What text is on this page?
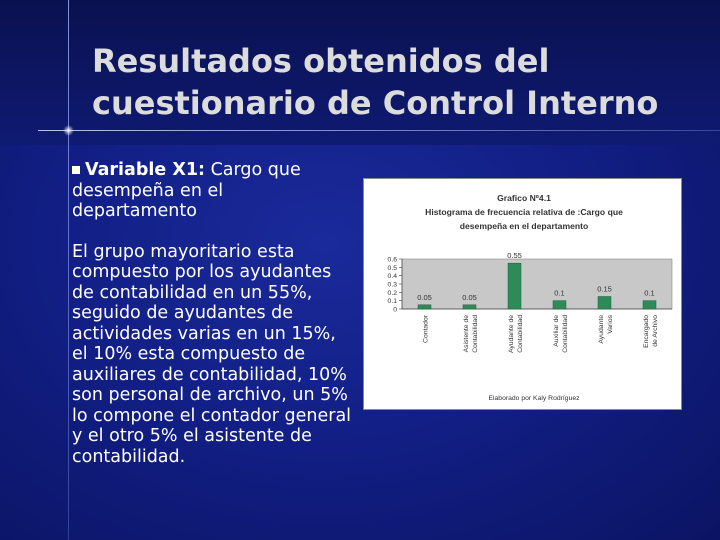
Resultados obtenidos del
cuestionario de Control Interno
Variable X1: Cargo que desempeña en el departamento
El grupo mayoritario esta compuesto por los ayudantes de contabilidad en un 55%, seguido de ayudantes de actividades varias en un 15%, el 10% esta compuesto de auxiliares de contabilidad, 10% son personal de archivo, un 5% lo compone el contador general y el otro 5% el asistente de contabilidad.
Grafico Nº4.1
Histograma de frecuencia relativa de :Cargo que
desempeña en el departamento
0
0.1
0.2
0.3
0.4
0.5
0.6
0.05
Contador
0.05
Asistente de Contabilidad
0.55
Ayudante de Contabilidad
0.1
Auxiliar de Contabilidad
0.15
Ayudante Varios
0.1
Encargado de Archivo
Elaborado por Kaly Rodríguez
